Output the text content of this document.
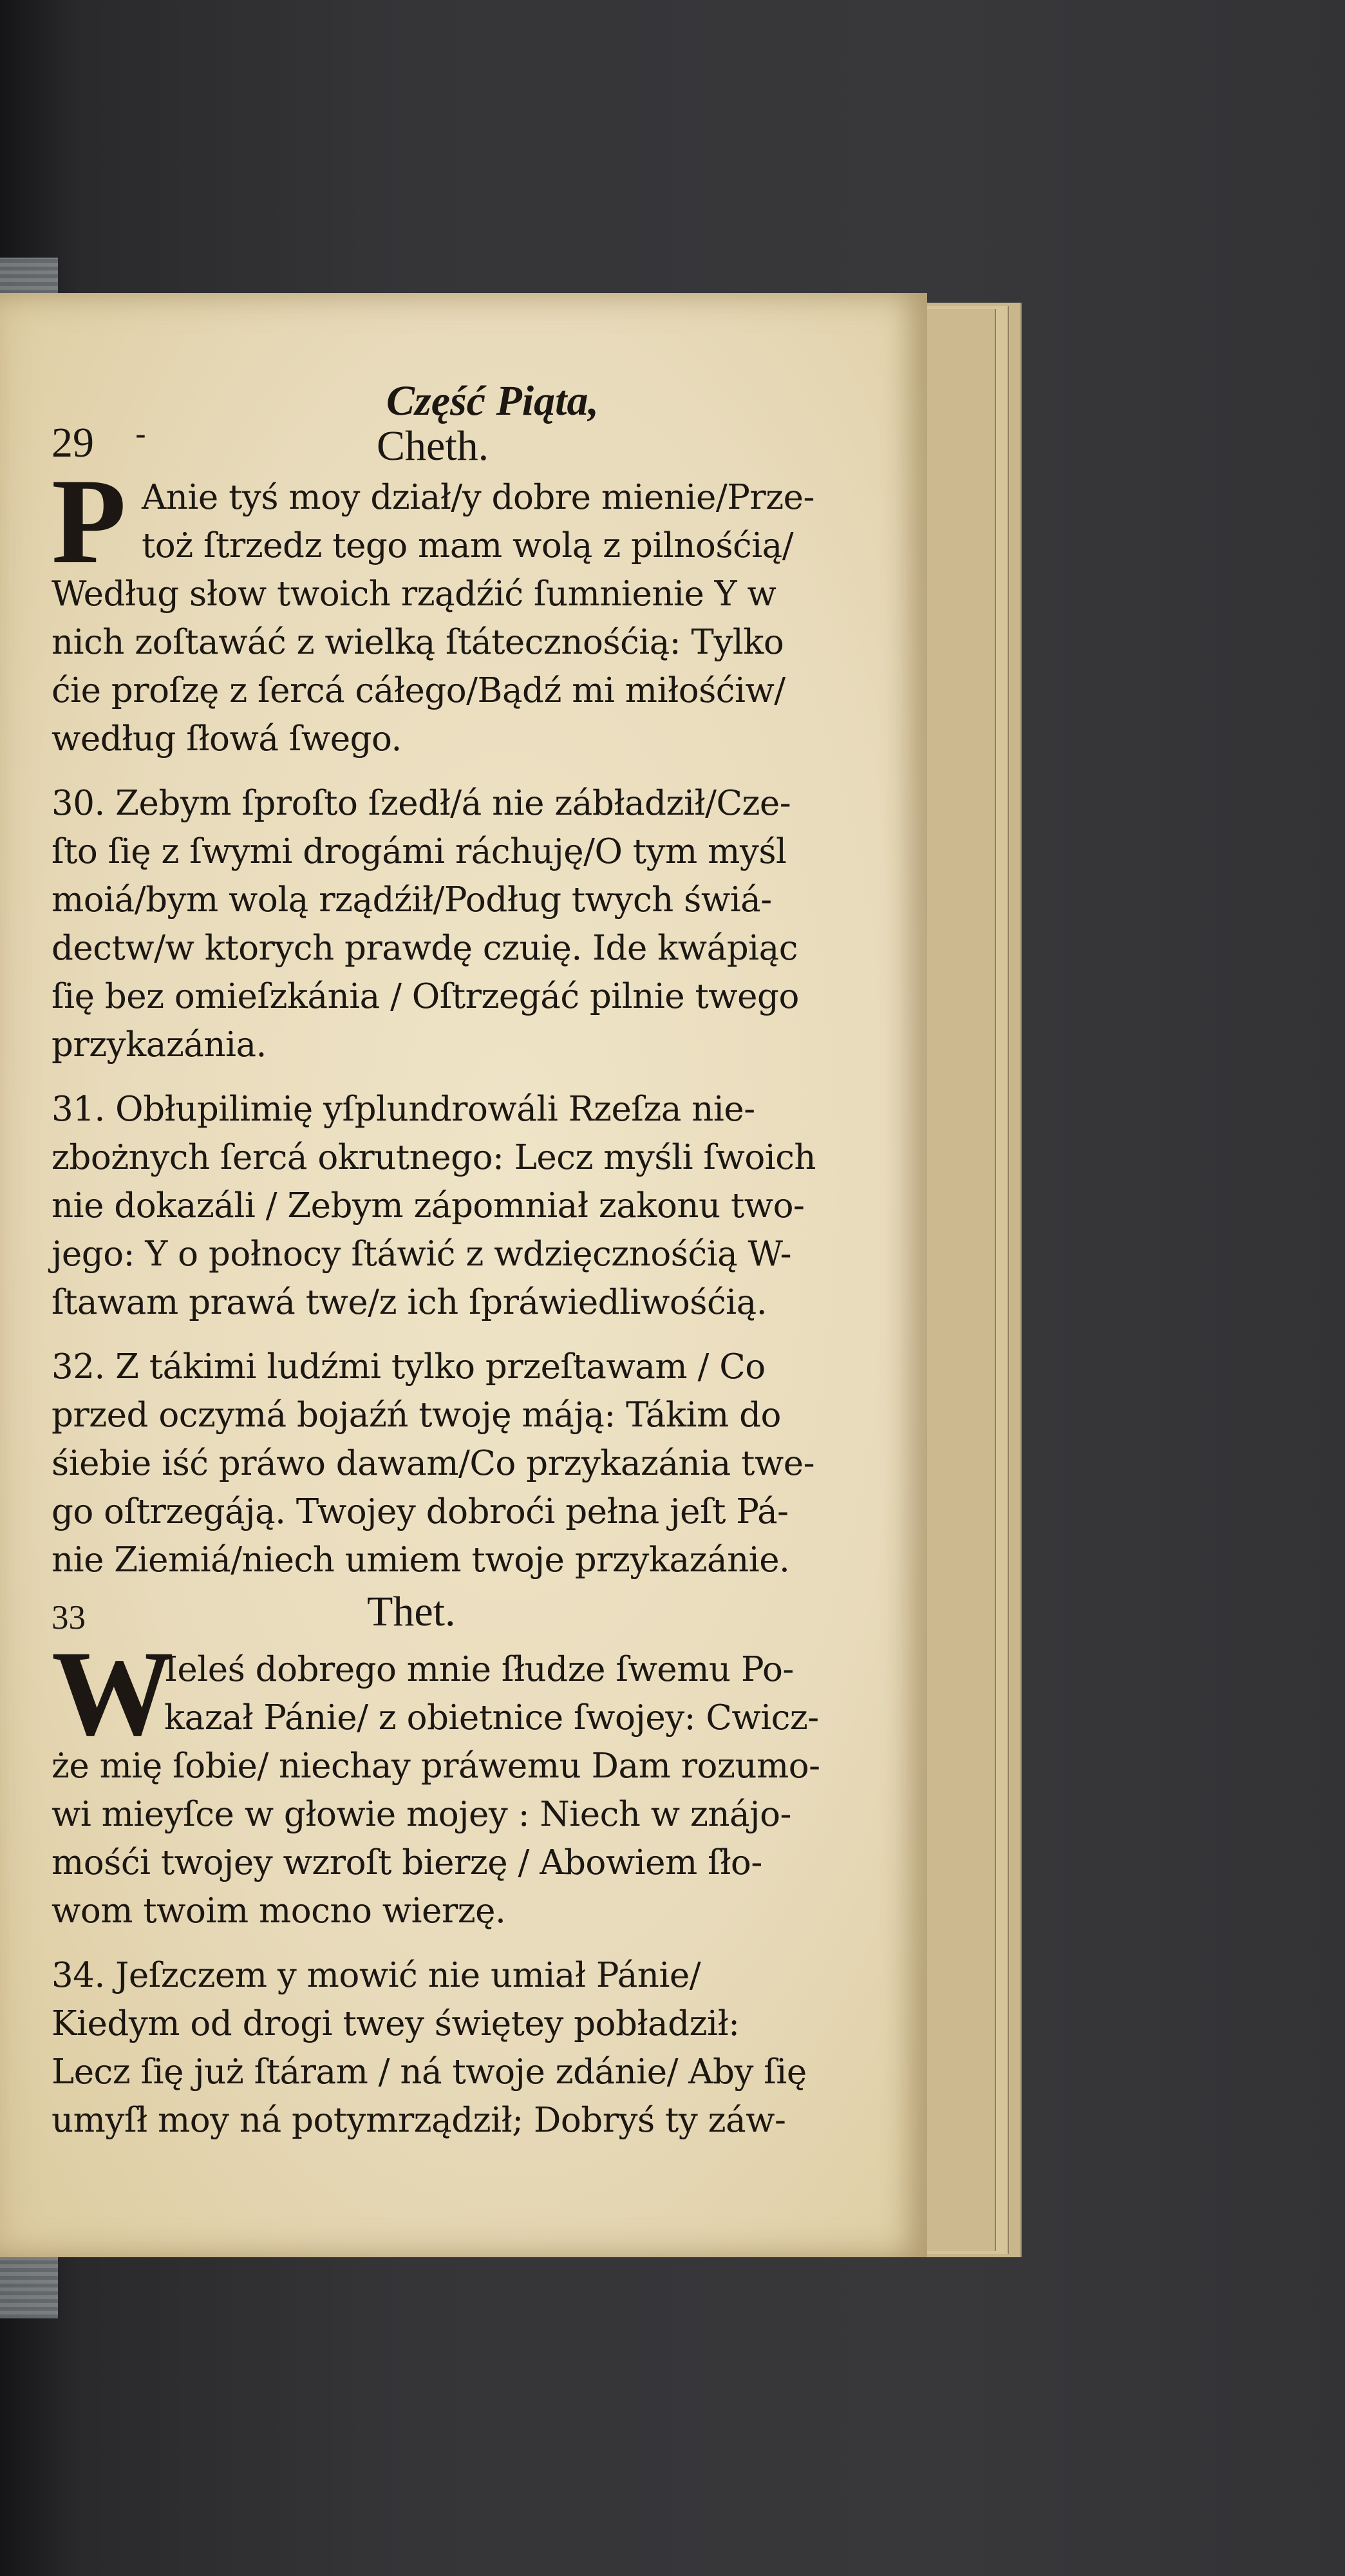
Część Piąta,
29 -	Cheth.
P Anie tyś moy dział/y dobre mienie/Prze-
toż ſtrzedz tego mam wolą z pilnośćią/
Według słow twoich rządźić ſumnienie Y w
nich zoſtawáć z wielką ſtátecznośćią: Tylko
ćie proſzę z ſercá cáłego/Bądź mi miłośćiw/
według ſłowá ſwego.
30. Zebym ſproſto ſzedł/á nie zábładził/Cze-
ſto ſię z ſwymi drogámi ráchuję/O tym myśl
moiá/bym wolą rządźił/Podług twych świá-
dectw/w ktorych prawdę czuię. Ide kwápiąc
ſię bez omieſzkánia / Oſtrzegáć pilnie twego
przykazánia.
31. Obłupilimię yſplundrowáli Rzeſza nie-
zbożnych ſercá okrutnego: Lecz myśli ſwoich
nie dokazáli / Zebym zápomniał zakonu two-
jego: Y o połnocy ſtáwić z wdzięcznośćią W-
ſtawam prawá twe/z ich ſpráwiedliwośćią.
32. Z tákimi ludźmi tylko przeſtawam / Co
przed oczymá bojaźń twoję máją: Tákim do
śiebie iść práwo dawam/Co przykazánia twe-
go oſtrzegáją. Twojey dobroći pełna jeſt Pá-
nie Ziemiá/niech umiem twoje przykazánie.
33	Thet.
W
Ieleś dobrego mnie ſłudze ſwemu Po-
kazał Pánie/ z obietnice ſwojey: Cwicz-
że mię ſobie/ niechay práwemu Dam rozumo-
wi mieyſce w głowie mojey : Niech w znájo-
mośći twojey wzroſt bierzę / Abowiem ſło-
wom twoim mocno wierzę.
34. Jeſzczem y mowić nie umiał Pánie/
Kiedym od drogi twey świętey pobładził:
Lecz ſię już ſtáram / ná twoje zdánie/ Aby ſię
umyſł moy ná potymrządził; Dobryś ty záw-
